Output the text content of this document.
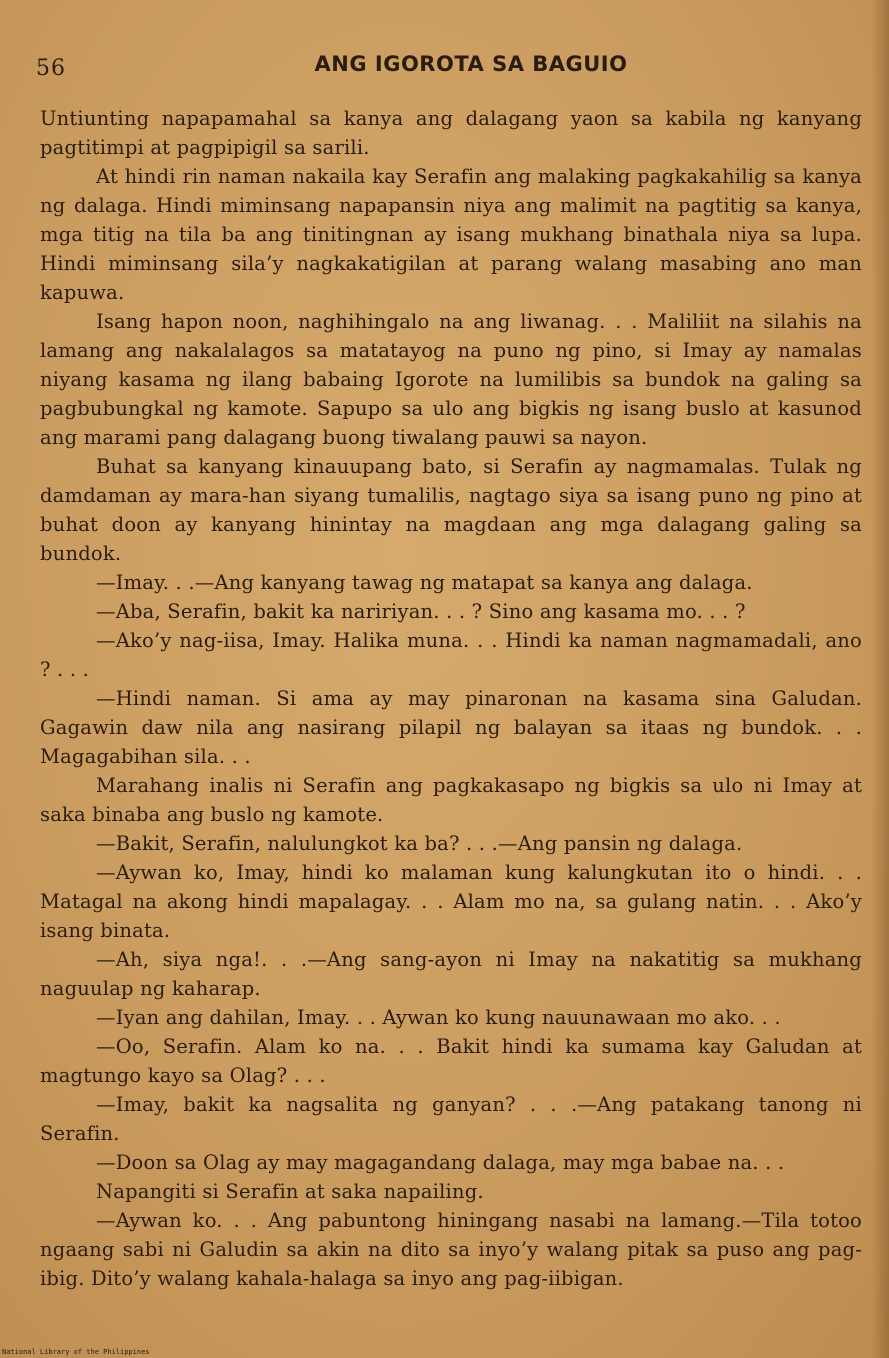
56	ANG IGOROTA SA BAGUIO

Untiunting napapamahal sa kanya ang dalagang yaon sa kabila ng kanyang pagtitimpi at pagpipigil sa sarili.

At hindi rin naman nakaila kay Serafin ang malaking pagkakahilig sa kanya ng dalaga. Hindi miminsang napapansin niya ang malimit na pagtitig sa kanya, mga titig na tila ba ang tinitingnan ay isang mukhang binathala niya sa lupa. Hindi miminsang sila’y nagkakatigilan at parang walang masabing ano man kapuwa.

Isang hapon noon, naghihingalo na ang liwanag. . . Maliliit na silahis na lamang ang nakalalagos sa matatayog na puno ng pino, si Imay ay namalas niyang kasama ng ilang babaing Igorote na lumilibis sa bundok na galing sa pagbubungkal ng kamote. Sapupo sa ulo ang bigkis ng isang buslo at kasunod ang marami pang dalagang buong tiwalang pauwi sa nayon.

Buhat sa kanyang kinauupang bato, si Serafin ay nagmamalas. Tulak ng damdaman ay mara-han siyang tumalilis, nagtago siya sa isang puno ng pino at buhat doon ay kanyang hinintay na magdaan ang mga dalagang galing sa bundok.

—Imay. . .—Ang kanyang tawag ng matapat sa kanya ang dalaga.

—Aba, Serafin, bakit ka naririyan. . . ? Sino ang kasama mo. . . ?

—Ako’y nag-iisa, Imay. Halika muna. . . Hindi ka naman nagmamadali, ano ? . . .

—Hindi naman. Si ama ay may pinaronan na kasama sina Galudan. Gagawin daw nila ang nasirang pilapil ng balayan sa itaas ng bundok. . . Magagabihan sila. . .

Marahang inalis ni Serafin ang pagkakasapo ng bigkis sa ulo ni Imay at saka binaba ang buslo ng kamote.

—Bakit, Serafin, nalulungkot ka ba? . . .—Ang pansin ng dalaga.

—Aywan ko, Imay, hindi ko malaman kung kalungkutan ito o hindi. . . Matagal na akong hindi mapalagay. . . Alam mo na, sa gulang natin. . . Ako’y isang binata.

—Ah, siya nga!. . .—Ang sang-ayon ni Imay na nakatitig sa mukhang naguulap ng kaharap.

—Iyan ang dahilan, Imay. . . Aywan ko kung nauunawaan mo ako. . .

—Oo, Serafin. Alam ko na. . . Bakit hindi ka sumama kay Galudan at magtungo kayo sa Olag? . . .

—Imay, bakit ka nagsalita ng ganyan? . . .—Ang patakang tanong ni Serafin.

—Doon sa Olag ay may magagandang dalaga, may mga babae na. . .

Napangiti si Serafin at saka napailing.

—Aywan ko. . . Ang pabuntong hiningang nasabi na lamang.—Tila totoo ngaang sabi ni Galudin sa akin na dito sa inyo’y walang pitak sa puso ang pag-ibig. Dito’y walang kahala-halaga sa inyo ang pag-iibigan.

National Library of the Philippines
